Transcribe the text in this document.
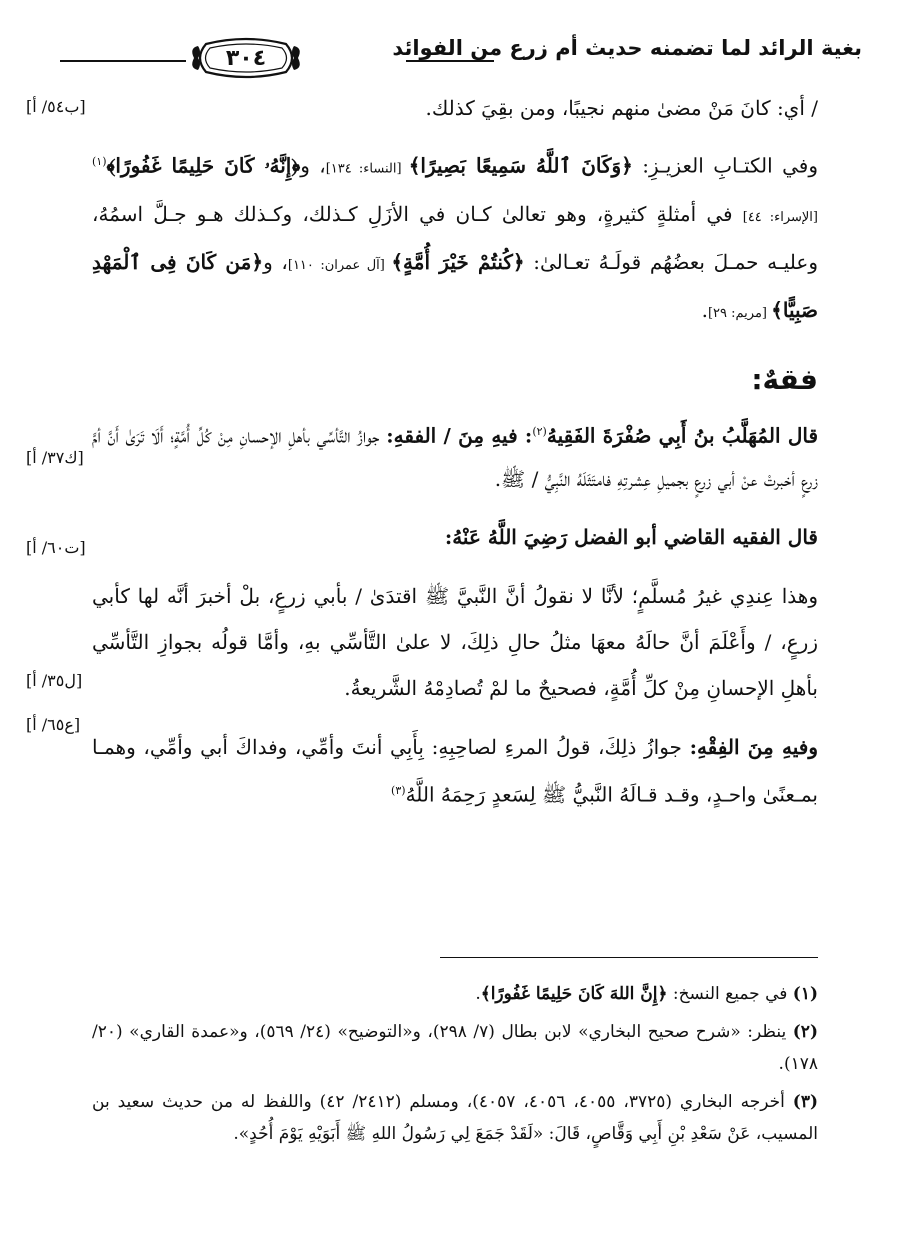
بغية الرائد لما تضمنه حديث أم زرع من الفوائد
٣٠٤
[ب٥٤/ أ]
[ك٣٧/ أ]
[ت٦٠/ أ]
[ل٣٥/ أ]
[ع٦٥/ أ]

/ أي: كانَ مَنْ مضىٰ منهم نجيبًا، ومن بقِيَ كذلك.

وفي الكتـابِ العزيـزِ: ﴿وَكَانَ ٱللَّهُ سَمِيعًا بَصِيرًا﴾ [النساء: ١٣٤]، و﴿إِنَّهُۥ كَانَ حَلِيمًا غَفُورًا﴾$^{(١)}$ [الإسراء: ٤٤] في أمثلةٍ كثيرةٍ، وهو تعالىٰ كـان في الأزَلِ كـذلك، وكـذلك هـو جـلَّ اسمُهُ، وعليـه حمـلَ بعضُهُم قولَـهُ تعـالىٰ: ﴿كُنتُمْ خَيْرَ أُمَّةٍ﴾ [آل عمران: ١١٠]، و﴿مَن كَانَ فِى ٱلْمَهْدِ صَبِيًّا﴾ [مريم: ٢٩].

فقهٌ:

قال المُهَلَّبُ بنُ أَبِي صُفْرَةَ الفَقِيهُ$^{(٢)}$: فيهِ مِنَ / الفقهِ: جوازُ التَّأسِّي بأهلِ الإحسانِ مِنْ كُلِّ أُمَّةٍ؛ أَلَا تَرَىٰ أَنَّ أمَّ زرعٍ أخبرتْ عنْ أبي زرعٍ بجميلِ عِشرتِهِ فامتَثَلَهُ النَّبِيُّ / ﷺ.

قال الفقيه القاضي أبو الفضل رَضِيَ اللَّهُ عَنْهُ:

وهذا عِندِي غيرُ مُسلَّمٍ؛ لأنَّا لا نقولُ أنَّ النَّبيَّ ﷺ اقتدَىٰ / بأبي زرعٍ، بلْ أخبرَ أنَّه لها كأبي زرعٍ، / وأَعْلَمَ أنَّ حالَهُ معهَا مثلُ حالِ ذلِكَ، لا علىٰ التَّأسِّي بهِ، وأمَّا قولُه بجوازِ التَّأسِّي بأهلِ الإحسانِ مِنْ كلِّ أُمَّةٍ، فصحيحٌ ما لمْ تُصادِمْهُ الشَّريعةُ.

وفيهِ مِنَ الفِقْهِ: جوازُ ذلِكَ، قولُ المرءِ لصاحِبِهِ: بِأَبِي أنتَ وأمِّي، وفداكَ أبي وأمِّي، وهمـا بمـعنًىٰ واحـدٍ، وقـد قـالَهُ النَّبيُّ ﷺ لِسَعدٍ رَحِمَهُ اللَّهُ$^{(٣)}$

(١) في جميع النسخ: ﴿إِنَّ اللهَ كَانَ حَلِيمًا غَفُورًا﴾.

(٢) ينظر: «شرح صحيح البخاري» لابن بطال (٧/ ٢٩٨)، و«التوضيح» (٢٤/ ٥٦٩)، و«عمدة القاري» (٢٠/ ١٧٨).

(٣) أخرجه البخاري (٣٧٢٥، ٤٠٥٥، ٤٠٥٦، ٤٠٥٧)، ومسلم (٢٤١٢/ ٤٢) واللفظ له من حديث سعيد بن المسيب، عَنْ سَعْدِ بْنِ أَبِي وَقَّاصٍ، قَالَ: «لَقَدْ جَمَعَ لِي رَسُولُ اللهِ ﷺ أَبَوَيْهِ يَوْمَ أُحُدٍ».
